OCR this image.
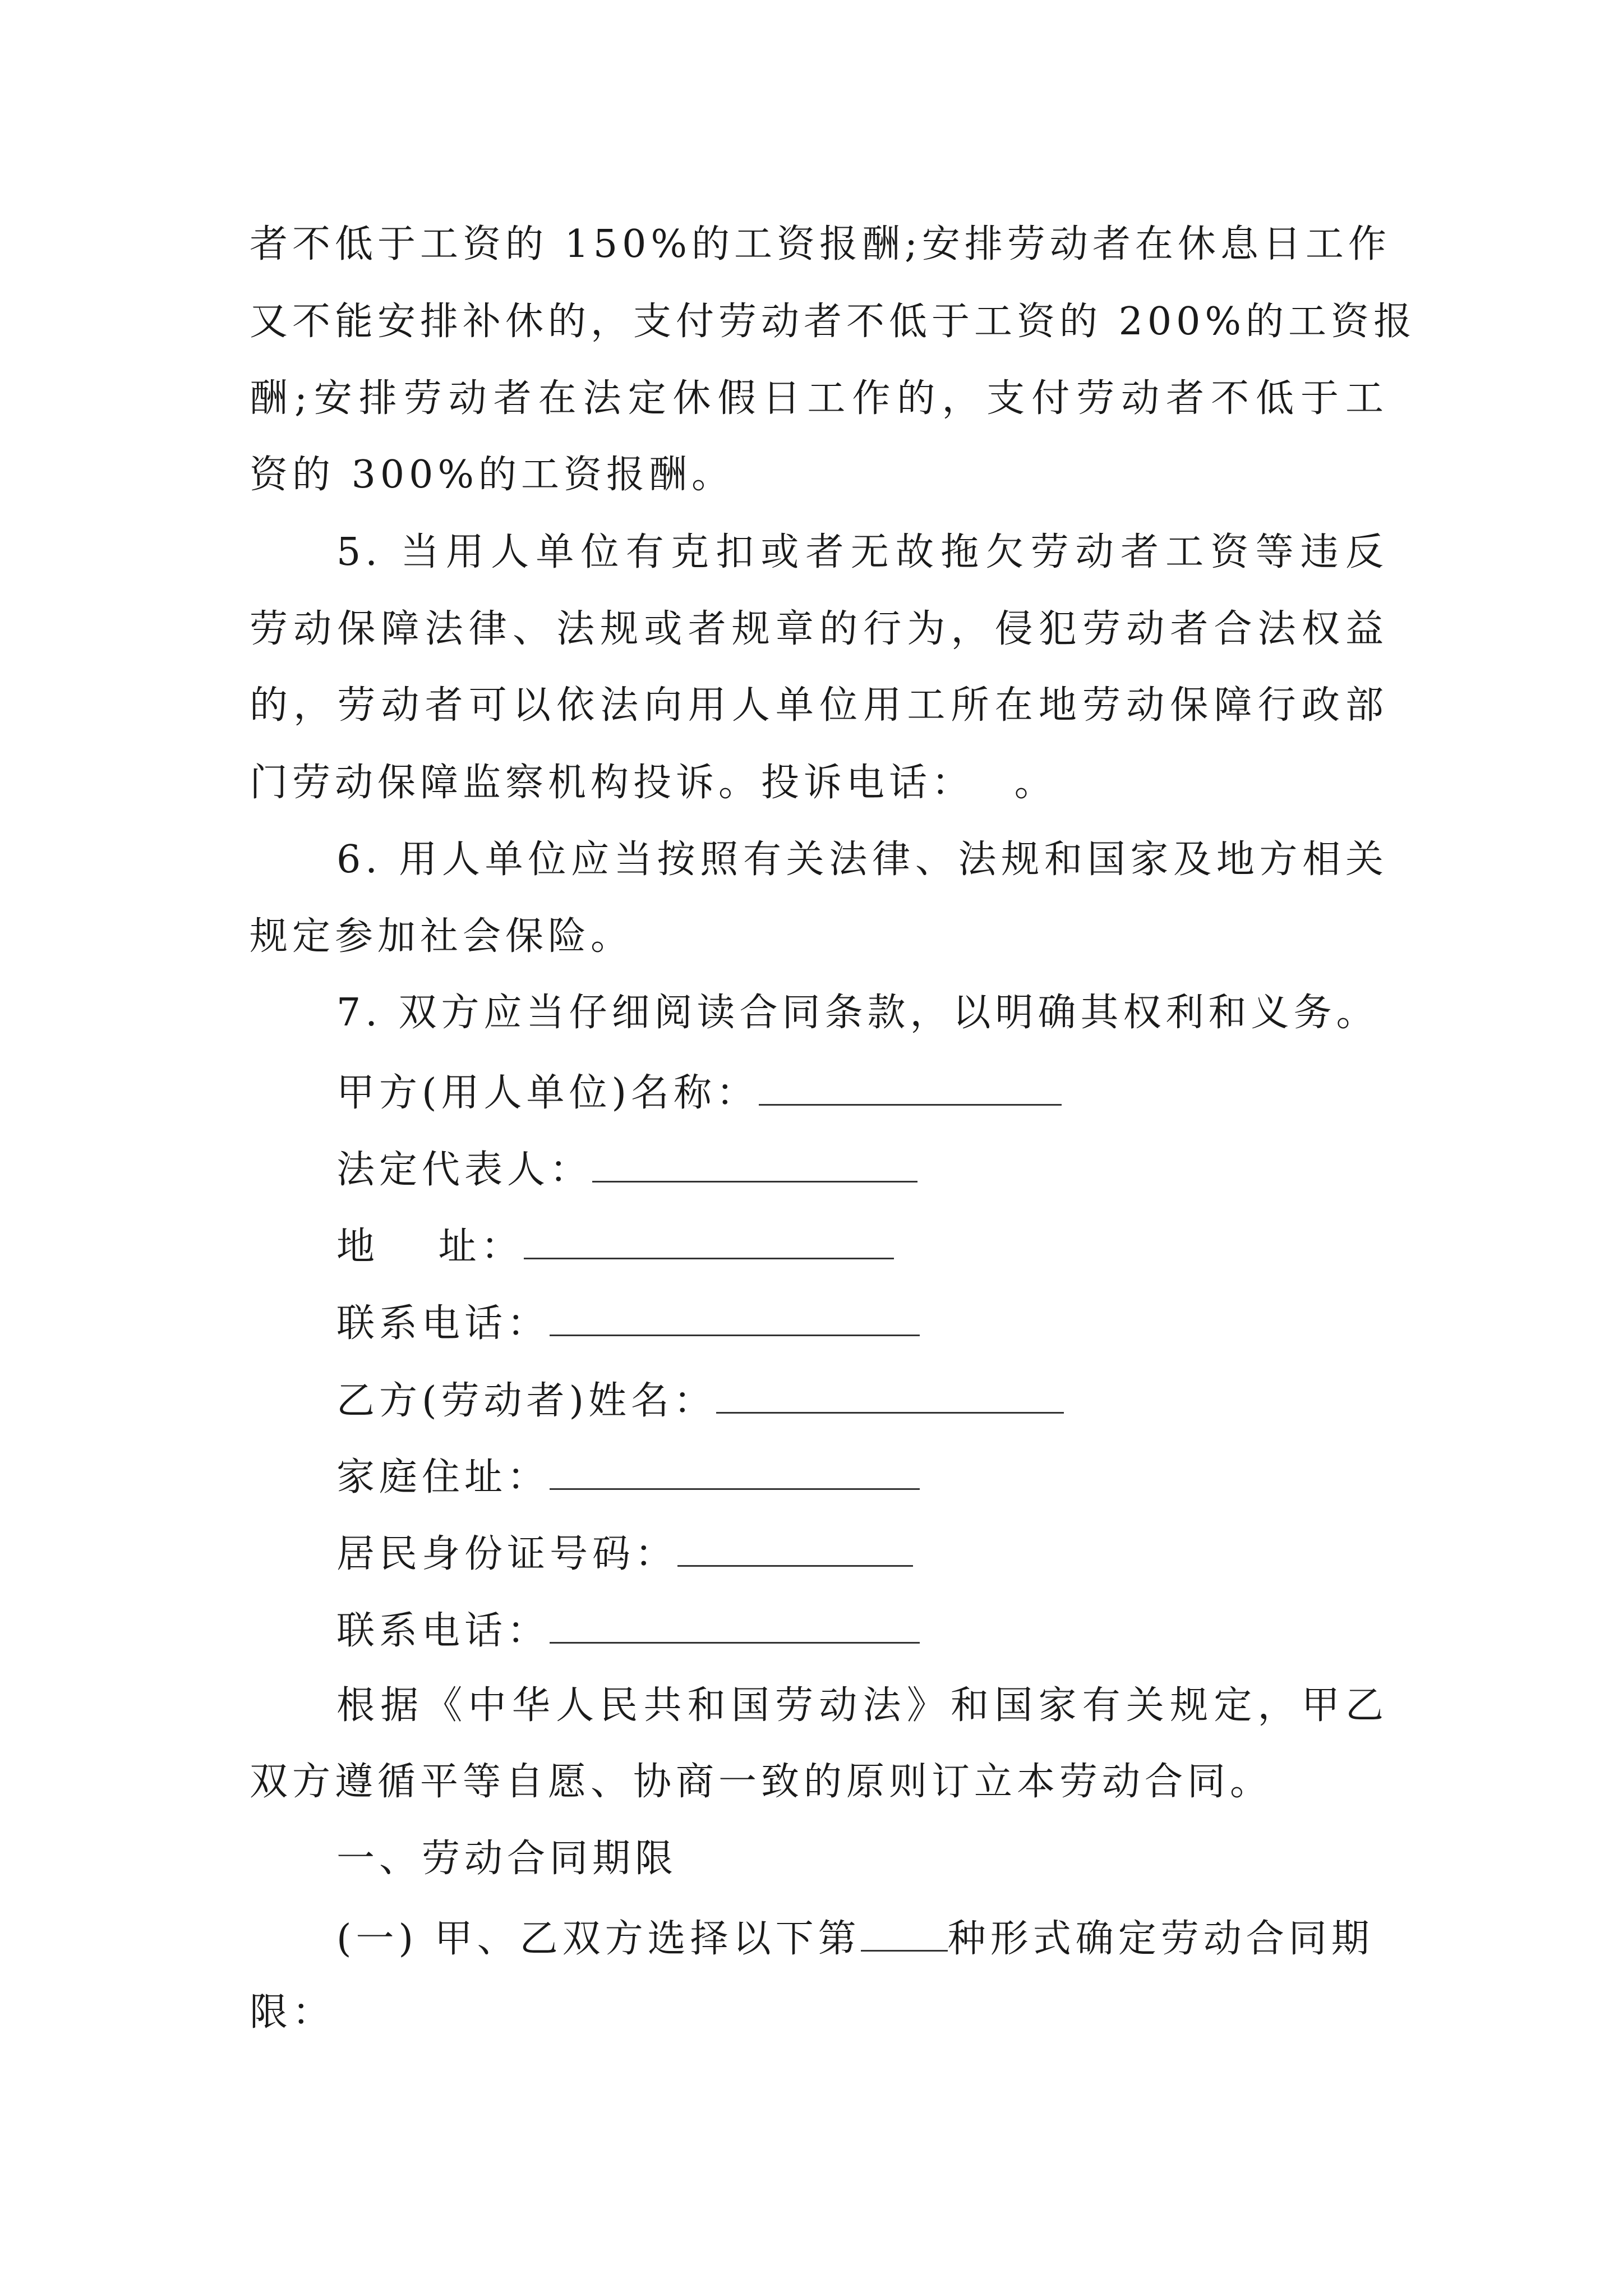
者不低于工资的 150%的工资报酬;安排劳动者在休息日工作

又不能安排补休的，支付劳动者不低于工资的 200%的工资报

酬;安排劳动者在法定休假日工作的，支付劳动者不低于工

资的 300%的工资报酬。

5. 当用人单位有克扣或者无故拖欠劳动者工资等违反

劳动保障法律、法规或者规章的行为，侵犯劳动者合法权益

的，劳动者可以依法向用人单位用工所在地劳动保障行政部

门劳动保障监察机构投诉。投诉电话：　 。

6. 用人单位应当按照有关法律、法规和国家及地方相关

规定参加社会保险。

7. 双方应当仔细阅读合同条款，以明确其权利和义务。

甲方(用人单位)名称：
法定代表人：
地　 址：
联系电话：
乙方(劳动者)姓名：
家庭住址：
居民身份证号码：
联系电话：

根据《中华人民共和国劳动法》和国家有关规定，甲乙

双方遵循平等自愿、协商一致的原则订立本劳动合同。

一、劳动合同期限

(一) 甲、乙双方选择以下第 种形式确定劳动合同期

限：
